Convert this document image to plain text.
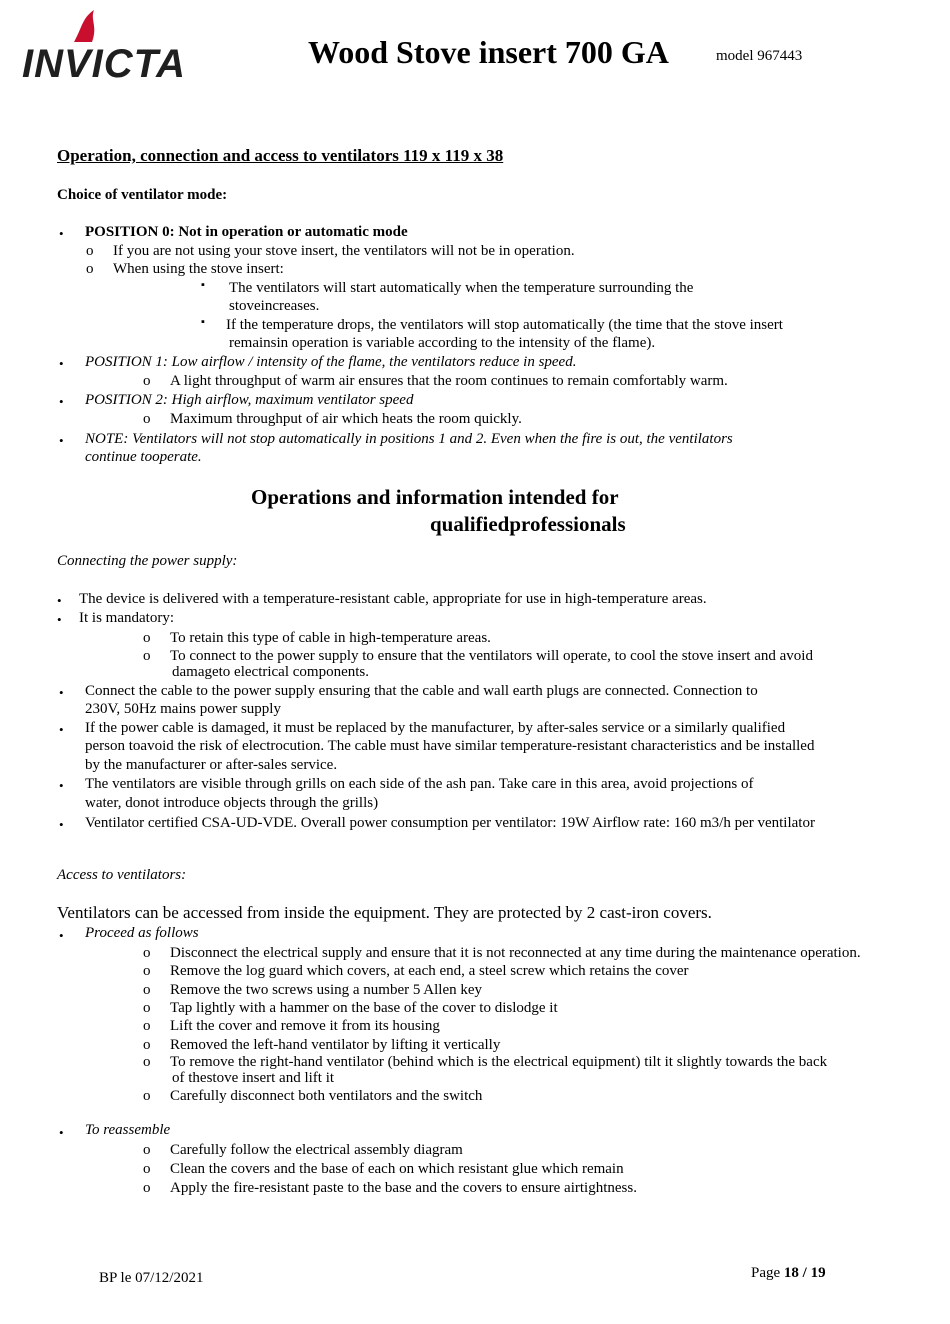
INVICTA	Wood Stove insert 700 GA	model 967443
Operation, connection and access to ventilators 119 x 119 x 38
Choice of ventilator mode:
• POSITION 0: Not in operation or automatic mode
o If you are not using your stove insert, the ventilators will not be in operation.
o When using the stove insert:
▪ The ventilators will start automatically when the temperature surrounding the
stoveincreases.
▪ If the temperature drops, the ventilators will stop automatically (the time that the stove insert
remainsin operation is variable according to the intensity of the flame).
• POSITION 1: Low airflow / intensity of the flame, the ventilators reduce in speed.
o A light throughput of warm air ensures that the room continues to remain comfortably warm.
• POSITION 2: High airflow, maximum ventilator speed
o Maximum throughput of air which heats the room quickly.
• NOTE: Ventilators will not stop automatically in positions 1 and 2. Even when the fire is out, the ventilators
continue tooperate.
Operations and information intended for
qualifiedprofessionals
Connecting the power supply:
• The device is delivered with a temperature-resistant cable, appropriate for use in high-temperature areas.
• It is mandatory:
o To retain this type of cable in high-temperature areas.
o To connect to the power supply to ensure that the ventilators will operate, to cool the stove insert and avoid
damageto electrical components.
• Connect the cable to the power supply ensuring that the cable and wall earth plugs are connected. Connection to
230V, 50Hz mains power supply
• If the power cable is damaged, it must be replaced by the manufacturer, by after-sales service or a similarly qualified
person toavoid the risk of electrocution. The cable must have similar temperature-resistant characteristics and be installed
by the manufacturer or after-sales service.
• The ventilators are visible through grills on each side of the ash pan. Take care in this area, avoid projections of
water, donot introduce objects through the grills)
• Ventilator certified CSA-UD-VDE. Overall power consumption per ventilator: 19W Airflow rate: 160 m3/h per ventilator
Access to ventilators:
Ventilators can be accessed from inside the equipment. They are protected by 2 cast-iron covers.
• Proceed as follows
o Disconnect the electrical supply and ensure that it is not reconnected at any time during the maintenance operation.
o Remove the log guard which covers, at each end, a steel screw which retains the cover
o Remove the two screws using a number 5 Allen key
o Tap lightly with a hammer on the base of the cover to dislodge it
o Lift the cover and remove it from its housing
o Removed the left-hand ventilator by lifting it vertically
o To remove the right-hand ventilator (behind which is the electrical equipment) tilt it slightly towards the back
of thestove insert and lift it
o Carefully disconnect both ventilators and the switch
• To reassemble
o Carefully follow the electrical assembly diagram
o Clean the covers and the base of each on which resistant glue which remain
o Apply the fire-resistant paste to the base and the covers to ensure airtightness.
BP le 07/12/2021	Page 18 / 19
